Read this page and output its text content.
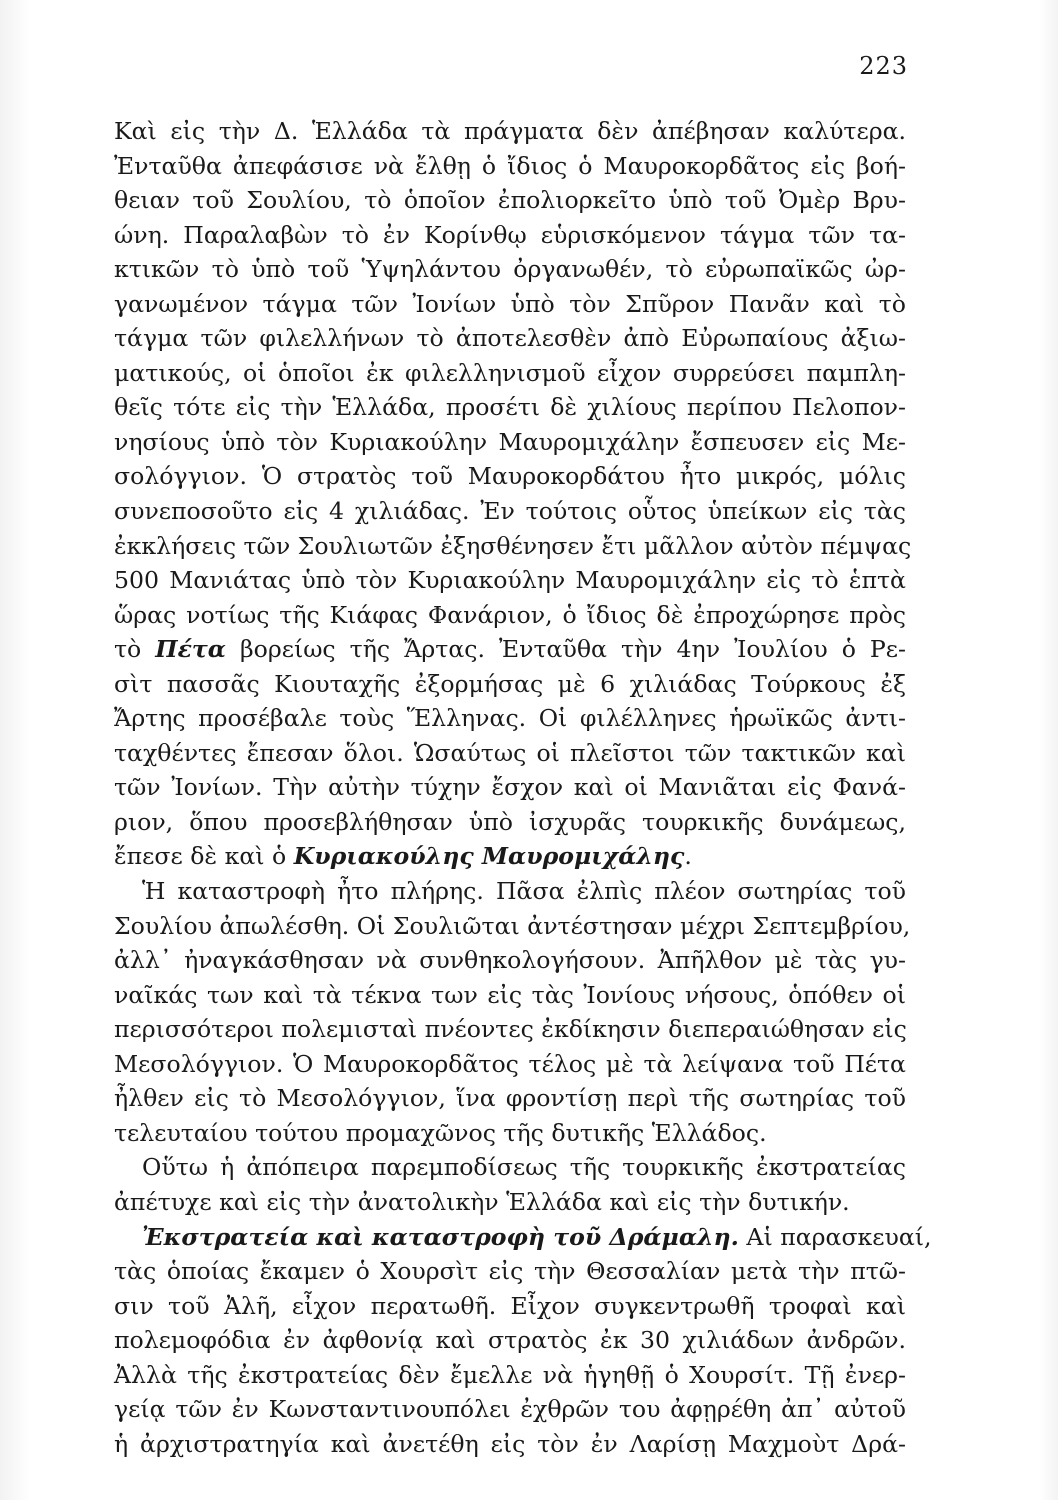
223
Καὶ εἰς τὴν Δ. Ἑλλάδα τὰ πράγματα δὲν ἀπέβησαν καλύτερα.
Ἐνταῦθα ἀπεφάσισε νὰ ἔλθῃ ὁ ἴδιος ὁ Μαυροκορδᾶτος εἰς βοή-
θειαν τοῦ Σουλίου, τὸ ὁποῖον ἐπολιορκεῖτο ὑπὸ τοῦ Ὀμὲρ Βρυ-
ώνη. Παραλαβὼν τὸ ἐν Κορίνθῳ εὑρισκόμενον τάγμα τῶν τα-
κτικῶν τὸ ὑπὸ τοῦ Ὑψηλάντου ὀργανωθέν, τὸ εὐρωπαϊκῶς ὠρ-
γανωμένον τάγμα τῶν Ἰονίων ὑπὸ τὸν Σπῦρον Πανᾶν καὶ τὸ
τάγμα τῶν φιλελλήνων τὸ ἀποτελεσθὲν ἀπὸ Εὐρωπαίους ἀξιω-
ματικούς, οἱ ὁποῖοι ἐκ φιλελληνισμοῦ εἶχον συρρεύσει παμπλη-
θεῖς τότε εἰς τὴν Ἑλλάδα, προσέτι δὲ χιλίους περίπου Πελοπον-
νησίους ὑπὸ τὸν Κυριακούλην Μαυρομιχάλην ἔσπευσεν εἰς Με-
σολόγγιον. Ὁ στρατὸς τοῦ Μαυροκορδάτου ἦτο μικρός, μόλις
συνεποσοῦτο εἰς 4 χιλιάδας. Ἐν τούτοις οὗτος ὑπείκων εἰς τὰς
ἐκκλήσεις τῶν Σουλιωτῶν ἐξησθένησεν ἔτι μᾶλλον αὐτὸν πέμψας
500 Μανιάτας ὑπὸ τὸν Κυριακούλην Μαυρομιχάλην εἰς τὸ ἑπτὰ
ὥρας νοτίως τῆς Κιάφας Φανάριον, ὁ ἴδιος δὲ ἐπροχώρησε πρὸς
τὸ Πέτα βορείως τῆς Ἄρτας. Ἐνταῦθα τὴν 4ην Ἰουλίου ὁ Ρε-
σὶτ πασσᾶς Κιουταχῆς ἐξορμήσας μὲ 6 χιλιάδας Τούρκους ἐξ
Ἄρτης προσέβαλε τοὺς Ἕλληνας. Οἱ φιλέλληνες ἡρωϊκῶς ἀντι-
ταχθέντες ἔπεσαν ὅλοι. Ὡσαύτως οἱ πλεῖστοι τῶν τακτικῶν καὶ
τῶν Ἰονίων. Τὴν αὐτὴν τύχην ἔσχον καὶ οἱ Μανιᾶται εἰς Φανά-
ριον, ὅπου προσεβλήθησαν ὑπὸ ἰσχυρᾶς τουρκικῆς δυνάμεως,
ἔπεσε δὲ καὶ ὁ Κυριακούλης Μαυρομιχάλης.
Ἡ καταστροφὴ ἦτο πλήρης. Πᾶσα ἐλπὶς πλέον σωτηρίας τοῦ
Σουλίου ἀπωλέσθη. Οἱ Σουλιῶται ἀντέστησαν μέχρι Σεπτεμβρίου,
ἀλλ᾽ ἠναγκάσθησαν νὰ συνθηκολογήσουν. Ἀπῆλθον μὲ τὰς γυ-
ναῖκάς των καὶ τὰ τέκνα των εἰς τὰς Ἰονίους νήσους, ὁπόθεν οἱ
περισσότεροι πολεμισταὶ πνέοντες ἐκδίκησιν διεπεραιώθησαν εἰς
Μεσολόγγιον. Ὁ Μαυροκορδᾶτος τέλος μὲ τὰ λείψανα τοῦ Πέτα
ἦλθεν εἰς τὸ Μεσολόγγιον, ἵνα φροντίσῃ περὶ τῆς σωτηρίας τοῦ
τελευταίου τούτου προμαχῶνος τῆς δυτικῆς Ἑλλάδος.
Οὕτω ἡ ἀπόπειρα παρεμποδίσεως τῆς τουρκικῆς ἐκστρατείας
ἀπέτυχε καὶ εἰς τὴν ἀνατολικὴν Ἑλλάδα καὶ εἰς τὴν δυτικήν.
Ἐκστρατεία καὶ καταστροφὴ τοῦ Δράμαλη. Αἱ παρασκευαί,
τὰς ὁποίας ἔκαμεν ὁ Χουρσὶτ εἰς τὴν Θεσσαλίαν μετὰ τὴν πτῶ-
σιν τοῦ Ἀλῆ, εἶχον περατωθῆ. Εἶχον συγκεντρωθῆ τροφαὶ καὶ
πολεμοφόδια ἐν ἀφθονίᾳ καὶ στρατὸς ἐκ 30 χιλιάδων ἀνδρῶν.
Ἀλλὰ τῆς ἐκστρατείας δὲν ἔμελλε νὰ ἡγηθῇ ὁ Χουρσίτ. Τῇ ἐνερ-
γείᾳ τῶν ἐν Κωνσταντινουπόλει ἐχθρῶν του ἀφῃρέθη ἀπ᾽ αὐτοῦ
ἡ ἀρχιστρατηγία καὶ ἀνετέθη εἰς τὸν ἐν Λαρίσῃ Μαχμοὺτ Δρά-
